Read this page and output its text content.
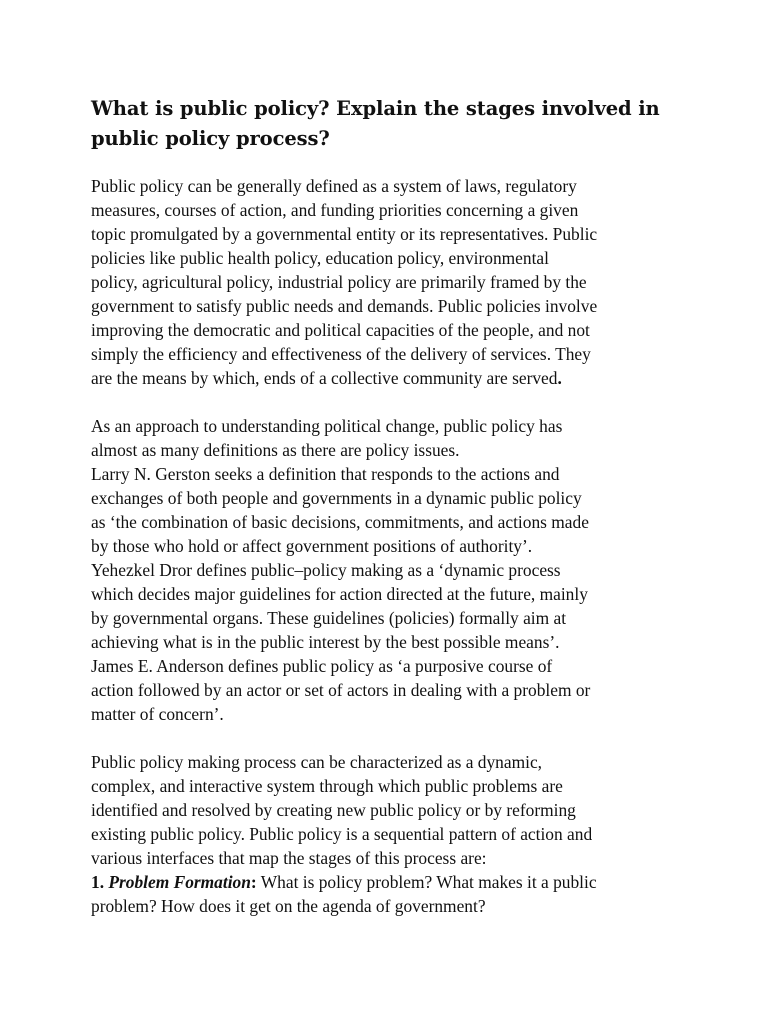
What is public policy? Explain the stages involved in
public policy process?

Public policy can be generally defined as a system of laws, regulatory
measures, courses of action, and funding priorities concerning a given
topic promulgated by a governmental entity or its representatives. Public
policies like public health policy, education policy, environmental
policy, agricultural policy, industrial policy are primarily framed by the
government to satisfy public needs and demands. Public policies involve
improving the democratic and political capacities of the people, and not
simply the efficiency and effectiveness of the delivery of services. They
are the means by which, ends of a collective community are served.

As an approach to understanding political change, public policy has
almost as many definitions as there are policy issues.
Larry N. Gerston seeks a definition that responds to the actions and
exchanges of both people and governments in a dynamic public policy
as ‘the combination of basic decisions, commitments, and actions made
by those who hold or affect government positions of authority’.
Yehezkel Dror defines public–policy making as a ‘dynamic process
which decides major guidelines for action directed at the future, mainly
by governmental organs. These guidelines (policies) formally aim at
achieving what is in the public interest by the best possible means’.
James E. Anderson defines public policy as ‘a purposive course of
action followed by an actor or set of actors in dealing with a problem or
matter of concern’.

Public policy making process can be characterized as a dynamic,
complex, and interactive system through which public problems are
identified and resolved by creating new public policy or by reforming
existing public policy. Public policy is a sequential pattern of action and
various interfaces that map the stages of this process are:
1. Problem Formation: What is policy problem? What makes it a public
problem? How does it get on the agenda of government?
